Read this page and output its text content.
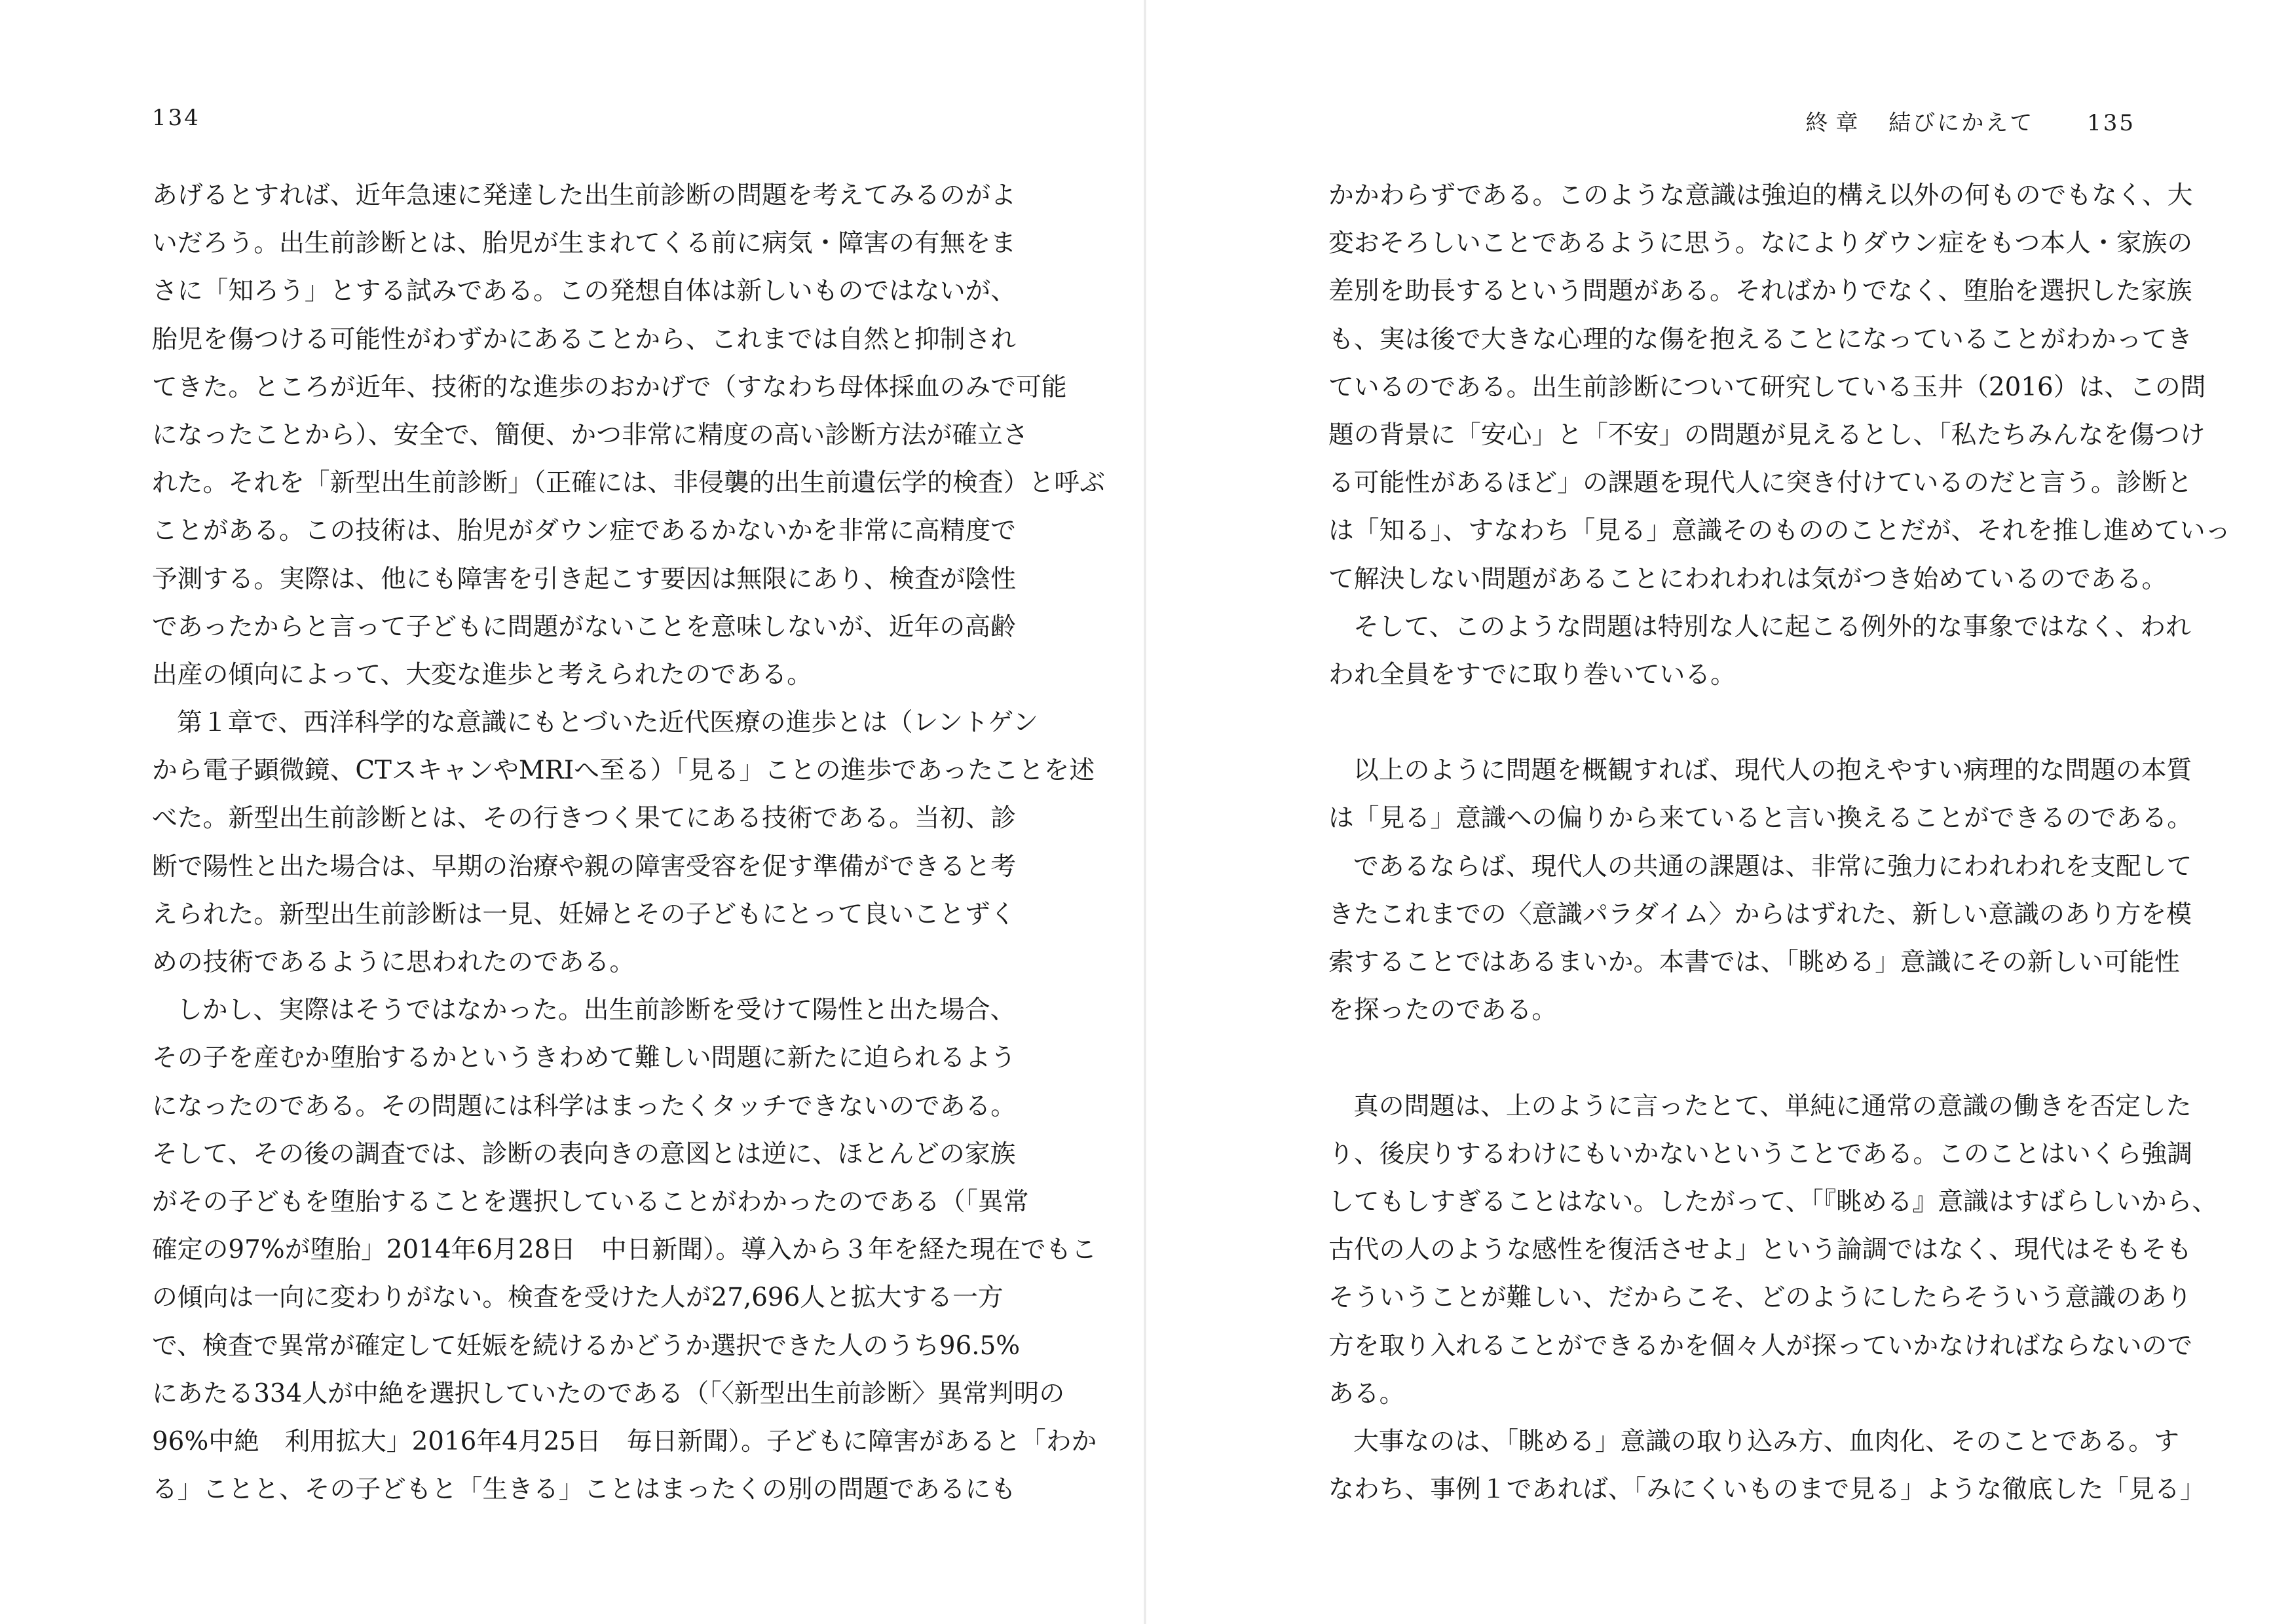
134
あげるとすれば、近年急速に発達した出生前診断の問題を考えてみるのがよ
いだろう。出生前診断とは、胎児が生まれてくる前に病気・障害の有無をま
さに「知ろう」とする試みである。この発想自体は新しいものではないが、
胎児を傷つける可能性がわずかにあることから、これまでは自然と抑制され
てきた。ところが近年、技術的な進歩のおかげで（すなわち母体採血のみで可能
になったことから）、安全で、簡便、かつ非常に精度の高い診断方法が確立さ
れた。それを「新型出生前診断」（正確には、非侵襲的出生前遺伝学的検査）と呼ぶ
ことがある。この技術は、胎児がダウン症であるかないかを非常に高精度で
予測する。実際は、他にも障害を引き起こす要因は無限にあり、検査が陰性
であったからと言って子どもに問題がないことを意味しないが、近年の高齢
出産の傾向によって、大変な進歩と考えられたのである。
第１章で、西洋科学的な意識にもとづいた近代医療の進歩とは（レントゲン
から電子顕微鏡、CTスキャンやMRIへ至る）「見る」ことの進歩であったことを述
べた。新型出生前診断とは、その行きつく果てにある技術である。当初、診
断で陽性と出た場合は、早期の治療や親の障害受容を促す準備ができると考
えられた。新型出生前診断は一見、妊婦とその子どもにとって良いことずく
めの技術であるように思われたのである。
しかし、実際はそうではなかった。出生前診断を受けて陽性と出た場合、
その子を産むか堕胎するかというきわめて難しい問題に新たに迫られるよう
になったのである。その問題には科学はまったくタッチできないのである。
そして、その後の調査では、診断の表向きの意図とは逆に、ほとんどの家族
がその子どもを堕胎することを選択していることがわかったのである（「異常
確定の97%が堕胎」2014年6月28日　中日新聞）。導入から３年を経た現在でもこ
の傾向は一向に変わりがない。検査を受けた人が27,696人と拡大する一方
で、検査で異常が確定して妊娠を続けるかどうか選択できた人のうち96.5%
にあたる334人が中絶を選択していたのである（「〈新型出生前診断〉異常判明の
96%中絶　利用拡大」2016年4月25日　毎日新聞）。子どもに障害があると「わか
る」ことと、その子どもと「生きる」ことはまったくの別の問題であるにも
終章 結びにかえて 135
かかわらずである。このような意識は強迫的構え以外の何ものでもなく、大
変おそろしいことであるように思う。なによりダウン症をもつ本人・家族の
差別を助長するという問題がある。そればかりでなく、堕胎を選択した家族
も、実は後で大きな心理的な傷を抱えることになっていることがわかってき
ているのである。出生前診断について研究している玉井（2016）は、この問
題の背景に「安心」と「不安」の問題が見えるとし、「私たちみんなを傷つけ
る可能性があるほど」の課題を現代人に突き付けているのだと言う。診断と
は「知る」、すなわち「見る」意識そのもののことだが、それを推し進めていっ
て解決しない問題があることにわれわれは気がつき始めているのである。
そして、このような問題は特別な人に起こる例外的な事象ではなく、われ
われ全員をすでに取り巻いている。
以上のように問題を概観すれば、現代人の抱えやすい病理的な問題の本質
は「見る」意識への偏りから来ていると言い換えることができるのである。
であるならば、現代人の共通の課題は、非常に強力にわれわれを支配して
きたこれまでの〈意識パラダイム〉からはずれた、新しい意識のあり方を模
索することではあるまいか。本書では、「眺める」意識にその新しい可能性
を探ったのである。
真の問題は、上のように言ったとて、単純に通常の意識の働きを否定した
り、後戻りするわけにもいかないということである。このことはいくら強調
してもしすぎることはない。したがって、「『眺める』意識はすばらしいから、
古代の人のような感性を復活させよ」という論調ではなく、現代はそもそも
そういうことが難しい、だからこそ、どのようにしたらそういう意識のあり
方を取り入れることができるかを個々人が探っていかなければならないので
ある。
大事なのは、「眺める」意識の取り込み方、血肉化、そのことである。す
なわち、事例１であれば、「みにくいものまで見る」ような徹底した「見る」
